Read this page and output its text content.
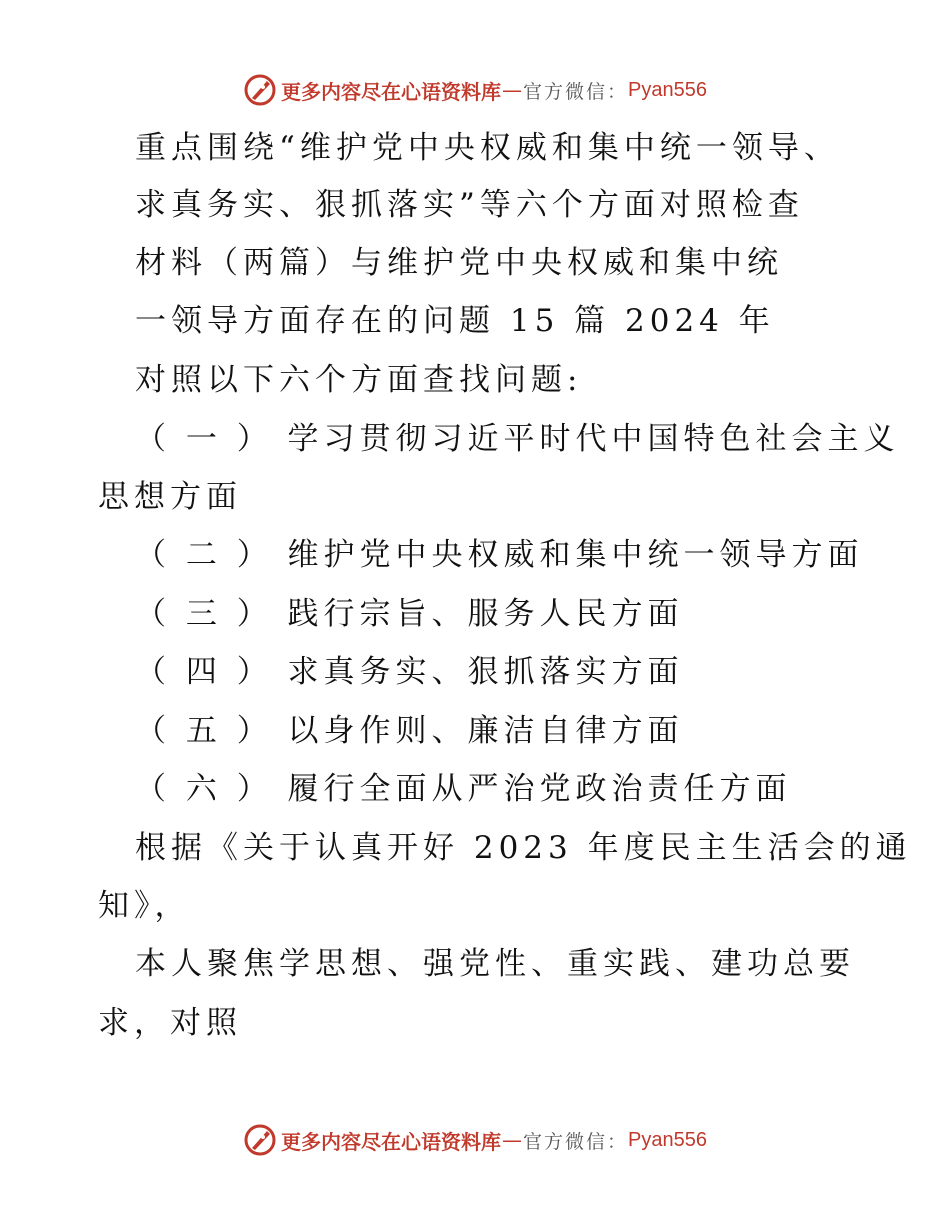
更多内容尽在心语资料库 — 官方微信： Pyan556
重点围绕“维护党中央权威和集中统一领导、
求真务实、狠抓落实”等六个方面对照检查
材料（两篇）与维护党中央权威和集中统
一领导方面存在的问题 15 篇 2024 年
对照以下六个方面查找问题:
（ 一 ） 学习贯彻习近平时代中国特色社会主义
思想方面
（ 二 ） 维护党中央权威和集中统一领导方面
（ 三 ） 践行宗旨、服务人民方面
（ 四 ） 求真务实、狠抓落实方面
（ 五 ） 以身作则、廉洁自律方面
（ 六 ） 履行全面从严治党政治责任方面
根据《关于认真开好 2023 年度民主生活会的通
知》，
本人聚焦学思想、强党性、重实践、建功总要
求，对照
更多内容尽在心语资料库 — 官方微信： Pyan556
